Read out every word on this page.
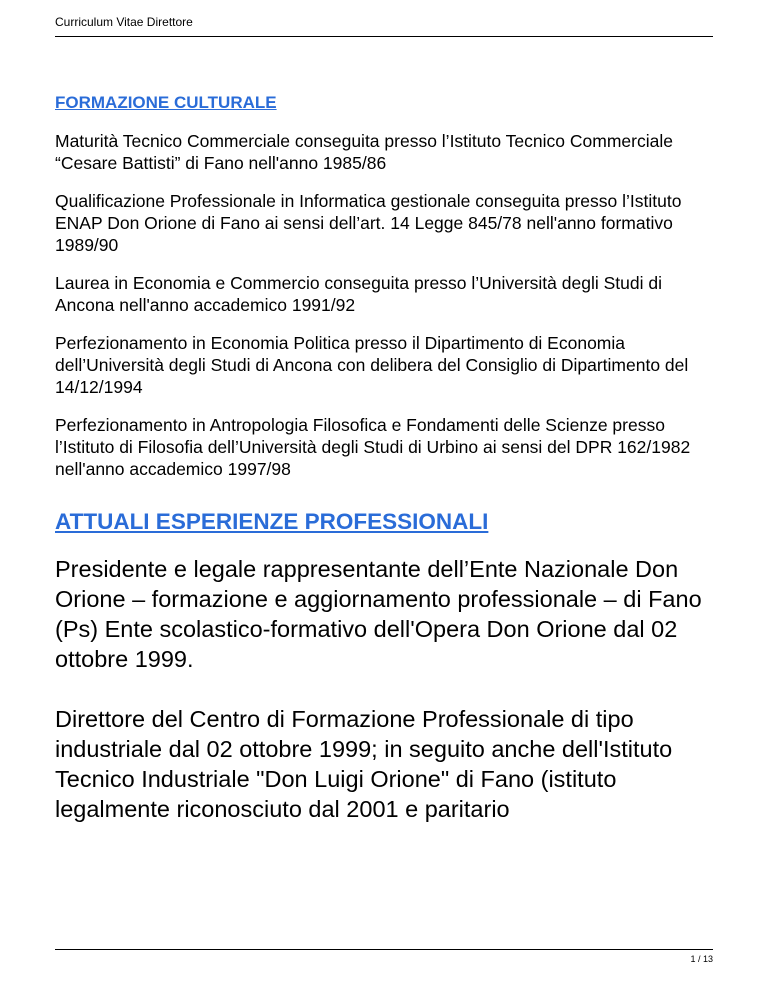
Curriculum Vitae Direttore
FORMAZIONE CULTURALE

Maturità Tecnico Commerciale conseguita presso l’Istituto Tecnico Commerciale “Cesare Battisti” di Fano nell'anno 1985/86

Qualificazione Professionale in Informatica gestionale conseguita presso l’Istituto ENAP Don Orione di Fano ai sensi dell’art. 14 Legge 845/78 nell'anno formativo 1989/90

Laurea in Economia e Commercio conseguita presso l’Università degli Studi di Ancona nell'anno accademico 1991/92

Perfezionamento in Economia Politica presso il Dipartimento di Economia dell’Università degli Studi di Ancona con delibera del Consiglio di Dipartimento del 14/12/1994

Perfezionamento in Antropologia Filosofica e Fondamenti delle Scienze presso l’Istituto di Filosofia dell’Università degli Studi di Urbino ai sensi del DPR 162/1982 nell'anno accademico 1997/98

ATTUALI ESPERIENZE PROFESSIONALI

Presidente e legale rappresentante dell’Ente Nazionale Don Orione – formazione e aggiornamento professionale – di Fano (Ps) Ente scolastico-formativo dell'Opera Don Orione dal 02 ottobre 1999.

Direttore del Centro di Formazione Professionale di tipo industriale dal 02 ottobre 1999; in seguito anche dell'Istituto Tecnico Industriale "Don Luigi Orione" di Fano (istituto legalmente riconosciuto dal 2001 e paritario

1 / 13
